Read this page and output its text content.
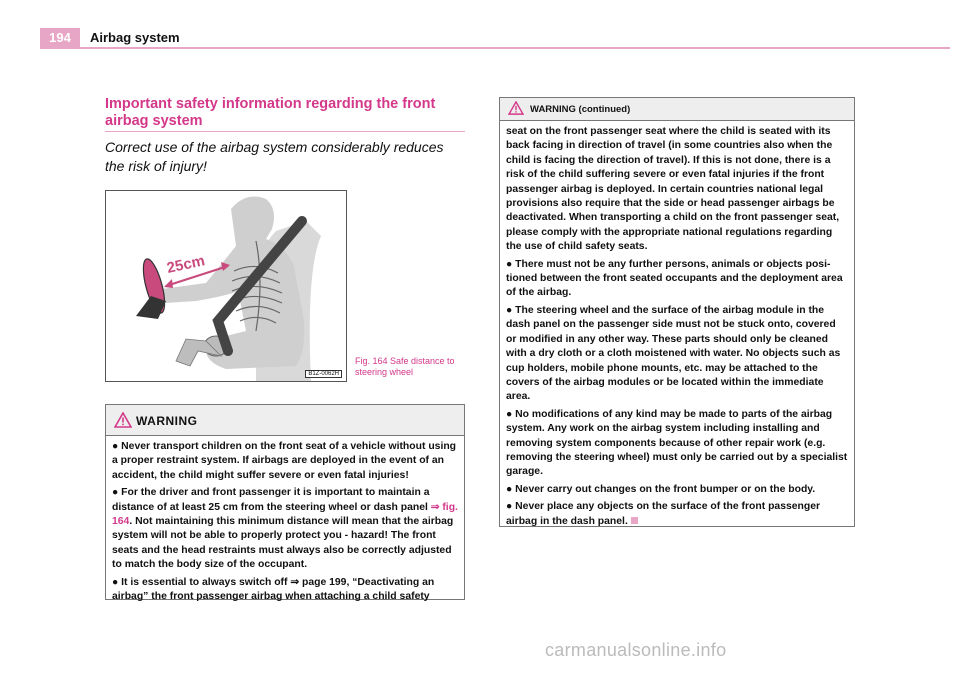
194	Airbag system
Important safety information regarding the front airbag system
Correct use of the airbag system considerably reduces the risk of injury!
25cm
B1Z-0062H
Fig. 164 Safe distance to steering wheel
WARNING

● Never transport children on the front seat of a vehicle without using a proper restraint system. If airbags are deployed in the event of an accident, the child might suffer severe or even fatal injuries!

● For the driver and front passenger it is important to maintain a distance of at least 25 cm from the steering wheel or dash panel ⇒ fig. 164. Not maintaining this minimum distance will mean that the airbag system will not be able to properly protect you - hazard! The front seats and the head restraints must always also be correctly adjusted to match the body size of the occupant.

● It is essential to always switch off ⇒ page 199, “Deactivating an airbag” the front passenger airbag when attaching a child safety

WARNING (continued)

seat on the front passenger seat where the child is seated with its back facing in direction of travel (in some countries also when the child is facing the direction of travel). If this is not done, there is a risk of the child suffering severe or even fatal injuries if the front passenger airbag is deployed. In certain countries national legal provisions also require that the side or head passenger airbags be deactivated. When transporting a child on the front passenger seat, please comply with the appropriate national regulations regarding the use of child safety seats.

● There must not be any further persons, animals or objects posi-tioned between the front seated occupants and the deployment area of the airbag.

● The steering wheel and the surface of the airbag module in the dash panel on the passenger side must not be stuck onto, covered or modified in any other way. These parts should only be cleaned with a dry cloth or a cloth moistened with water. No objects such as cup holders, mobile phone mounts, etc. may be attached to the covers of the airbag modules or be located within the immediate area.

● No modifications of any kind may be made to parts of the airbag system. Any work on the airbag system including installing and removing system components because of other repair work (e.g. removing the steering wheel) must only be carried out by a specialist garage.

● Never carry out changes on the front bumper or on the body.

● Never place any objects on the surface of the front passenger airbag in the dash panel.

carmanualsonline.info
